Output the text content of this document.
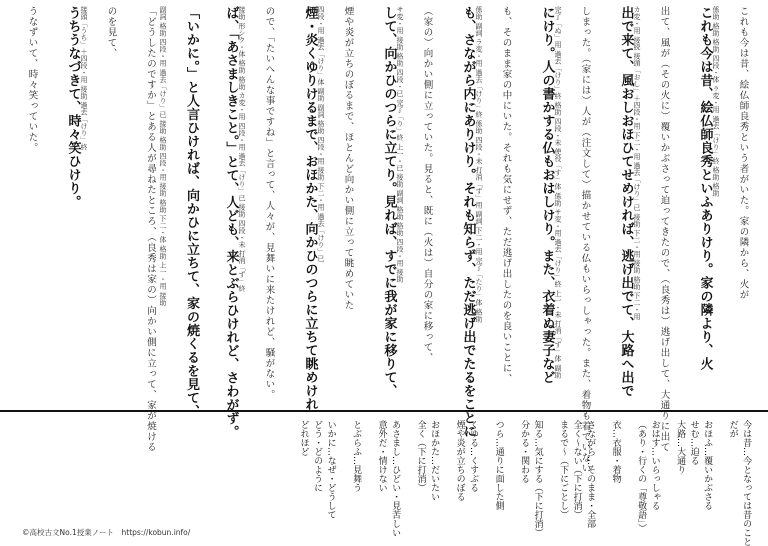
これも今は昔、絵仏師良秀という者がいた。家の隣から、火が
これも今は昔、絵仏師良秀といふありけり。家の隣より、火
出て、風が（その火に）覆いかぶさって迫ってきたので、（良秀は）逃げ出して、大通りに出て
出で来て、風おしおほひてせめければ、逃げ出でて、大路へ出で
しまった。（家には）人が（注文して）描かせている仏もいらっしゃった。また、着物も着ていない
にけり。人の書かする仏もおはしけり。また、衣着ぬ妻子など
も、そのまま家の中にいた。それも気にせず、ただ逃げ出したのを良いことに、
も、さながら内にありけり。それも知らず、ただ逃げ出でたるをことに
（家の）向かい側に立っていた。見ると、既に（火は）自分の家に移って、
して、向かひのつらに立てり。見れば、すでに我が家に移りて、
煙や炎が立ちのぼるまで、ほとんど向かい側に立って眺めていた
煙・炎くゆりけるまで、おほかた、向かひのつらに立ちて眺めけれ
ので、「たいへんな事ですね」と言って、人々が、見舞いに来たけれど、騒がない。
ば、「あさましきこと。」とて、人ども、来とぶらひけれど、さわがず。
「いかに。」と人言ひければ、向かひに立ちて、家の焼くるを見て、
「どうしたのですか」とある人が尋ねたところ、（良秀は家の）向かい側に立って、家が焼ける
のを見て、
うちうなづきて、時々笑ひけり。
うなずいて、時々笑っていた。	係助 格助 格助 四段・体 ラ変・用 過去「けり」終 格助 格助
カ変・用 接続 接頭「おし」＋四段・用 下二・用 過去「けり」已 接助 下二・用 接助 格助 下二・用
完了「ぬ」用 過去「けり」終 格助 四段・未 使役「す」体 係助 サ変・用 過去「けり」終 上一・未 打消「ず」体 副助
係助 副詞 ラ変・用 過去「けり」終 係助 四段・未 打消「ず」用 副詞 下二・用 完了「たり」体 格助
サ変・用 接助 格助 四段・已 完了「り」終 上一・已 接助 副詞 格助 格助 四段・用 接助
四段・用 過去「けり」体 副助 副詞 格助 四段・用 接助 下二・用 過去「けり」已
接助 形シク・体 格助 格助 カ変・用 四段・用 過去「けり」已 接助 四段・未 打消「ず」終
副詞 格助 四段・用 過去「けり」已 接助 格助 四段・用 接助 格助 下二・体 格助 上一・用 接助
接頭「うち」＋四段・用 接助 過去「けり」終
今は昔…今となっては昔のこと
だが
おほふ…覆いかぶさる
せむ…迫る
大路…大通り
おはす…いらっしゃる
（あり・行くの「尊敬語」）
衣…衣服・着物
さながら…そのまま・全部
全く〜ない（下に打消）
まるで〜（下にごとし）
知る…気にする（下に打消）
分かる・関わる
つら…通りに面した側
くゆる…くすぶる
煙や炎が立ちのぼる
おほかた…だいたい
全く（下に打消）
あさまし…ひどい・見苦しい
意外だ・情けない
とぶらふ…見舞う
いかに…なぜ・どうして
どう・どのように
どれほど
©高校古文No.1授業ノート　https://kobun.info/
